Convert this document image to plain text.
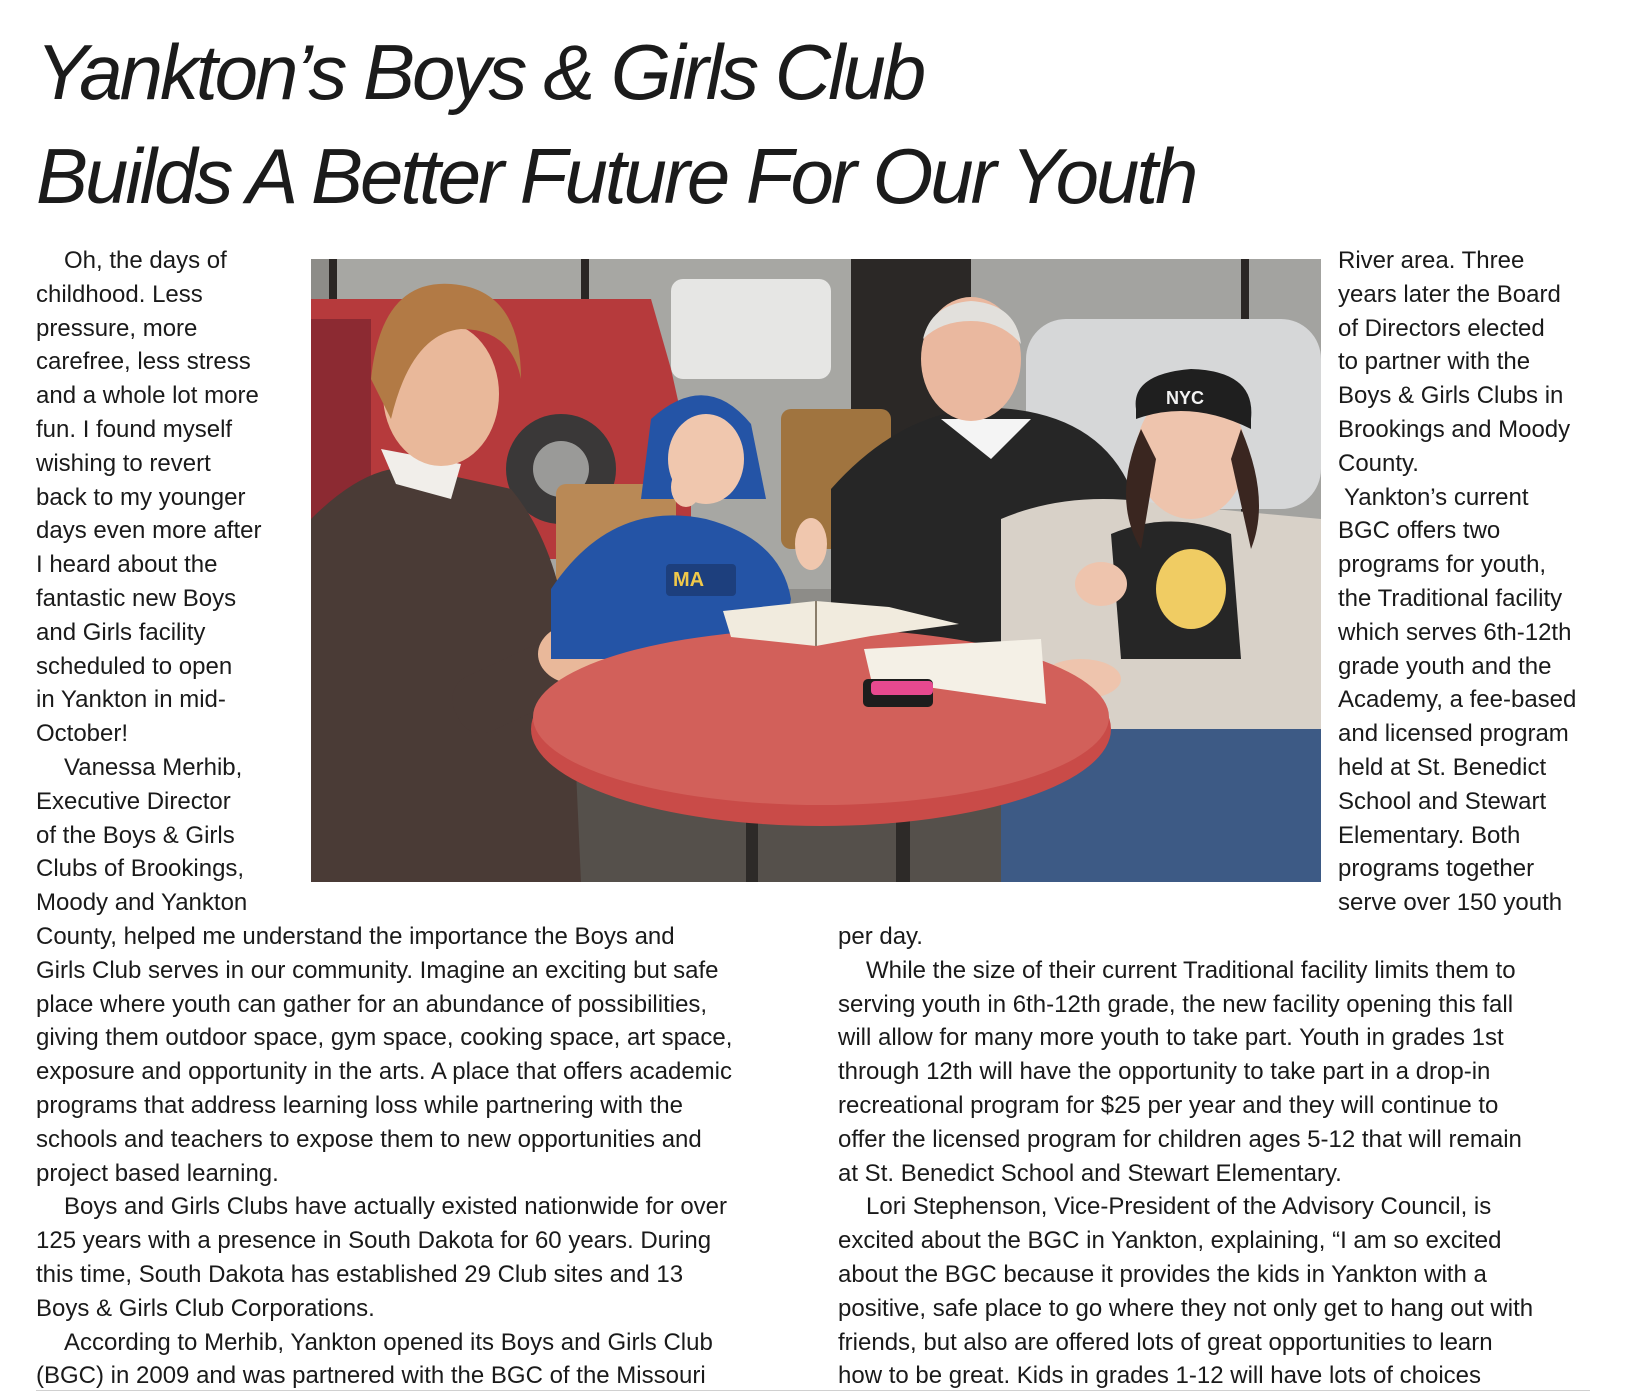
Yankton’s Boys & Girls Club
Builds A Better Future For Our Youth
Oh, the days of
childhood. Less
pressure, more
carefree, less stress
and a whole lot more
fun. I found myself
wishing to revert
back to my younger
days even more after
I heard about the
fantastic new Boys
and Girls facility
scheduled to open
in Yankton in mid-
October!
Vanessa Merhib,
Executive Director
of the Boys & Girls
Clubs of Brookings,
Moody and Yankton
MA
NYC
River area. Three
years later the Board
of Directors elected
to partner with the
Boys & Girls Clubs in
Brookings and Moody
County.
Yankton’s current
BGC offers two
programs for youth,
the Traditional facility
which serves 6th-12th
grade youth and the
Academy, a fee-based
and licensed program
held at St. Benedict
School and Stewart
Elementary. Both
programs together
serve over 150 youth
County, helped me understand the importance the Boys and
Girls Club serves in our community. Imagine an exciting but safe
place where youth can gather for an abundance of possibilities,
giving them outdoor space, gym space, cooking space, art space,
exposure and opportunity in the arts. A place that offers academic
programs that address learning loss while partnering with the
schools and teachers to expose them to new opportunities and
project based learning.
Boys and Girls Clubs have actually existed nationwide for over
125 years with a presence in South Dakota for 60 years. During
this time, South Dakota has established 29 Club sites and 13
Boys & Girls Club Corporations.
According to Merhib, Yankton opened its Boys and Girls Club
(BGC) in 2009 and was partnered with the BGC of the Missouri
per day.
While the size of their current Traditional facility limits them to
serving youth in 6th-12th grade, the new facility opening this fall
will allow for many more youth to take part. Youth in grades 1st
through 12th will have the opportunity to take part in a drop-in
recreational program for $25 per year and they will continue to
offer the licensed program for children ages 5-12 that will remain
at St. Benedict School and Stewart Elementary.
Lori Stephenson, Vice-President of the Advisory Council, is
excited about the BGC in Yankton, explaining, “I am so excited
about the BGC because it provides the kids in Yankton with a
positive, safe place to go where they not only get to hang out with
friends, but also are offered lots of great opportunities to learn
how to be great. Kids in grades 1-12 will have lots of choices
